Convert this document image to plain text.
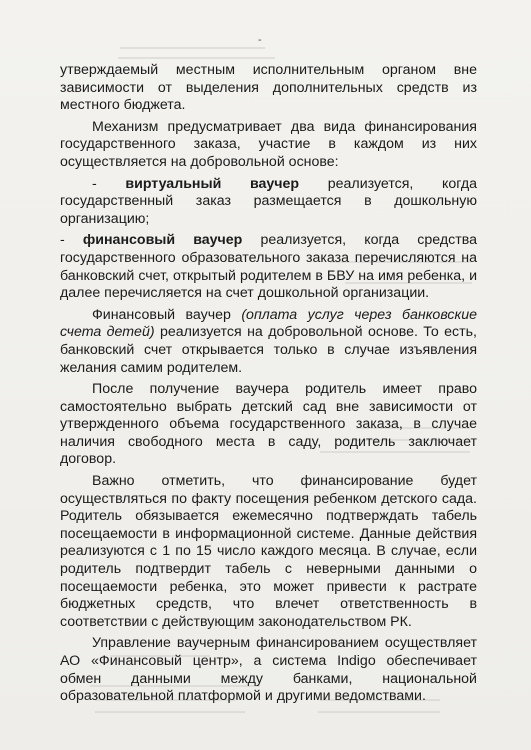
-

утверждаемый местным исполнительным органом вне зависимости от выделения дополнительных средств из местного бюджета.

Механизм предусматривает два вида финансирования государственного заказа, участие в каждом из них осуществляется на добровольной основе:

- виртуальный ваучер реализуется, когда государственный заказ размещается в дошкольную организацию;

- финансовый ваучер реализуется, когда средства государственного образовательного заказа перечисляются на банковский счет, открытый родителем в БВУ на имя ребенка, и далее перечисляется на счет дошкольной организации.

Финансовый ваучер (оплата услуг через банковские счета детей) реализуется на добровольной основе. То есть, банковский счет открывается только в случае изъявления желания самим родителем.

После получение ваучера родитель имеет право самостоятельно выбрать детский сад вне зависимости от утвержденного объема государственного заказа, в случае наличия свободного места в саду, родитель заключает договор.

Важно отметить, что финансирование будет осуществляться по факту посещения ребенком детского сада. Родитель обязывается ежемесячно подтверждать табель посещаемости в информационной системе. Данные действия реализуются с 1 по 15 число каждого месяца. В случае, если родитель подтвердит табель с неверными данными о посещаемости ребенка, это может привести к растрате бюджетных средств, что влечет ответственность в соответствии с действующим законодательством РК.

Управление ваучерным финансированием осуществляет АО «Финансовый центр», а система Indigo обеспечивает обмен данными между банками, национальной образовательной платформой и другими ведомствами.
